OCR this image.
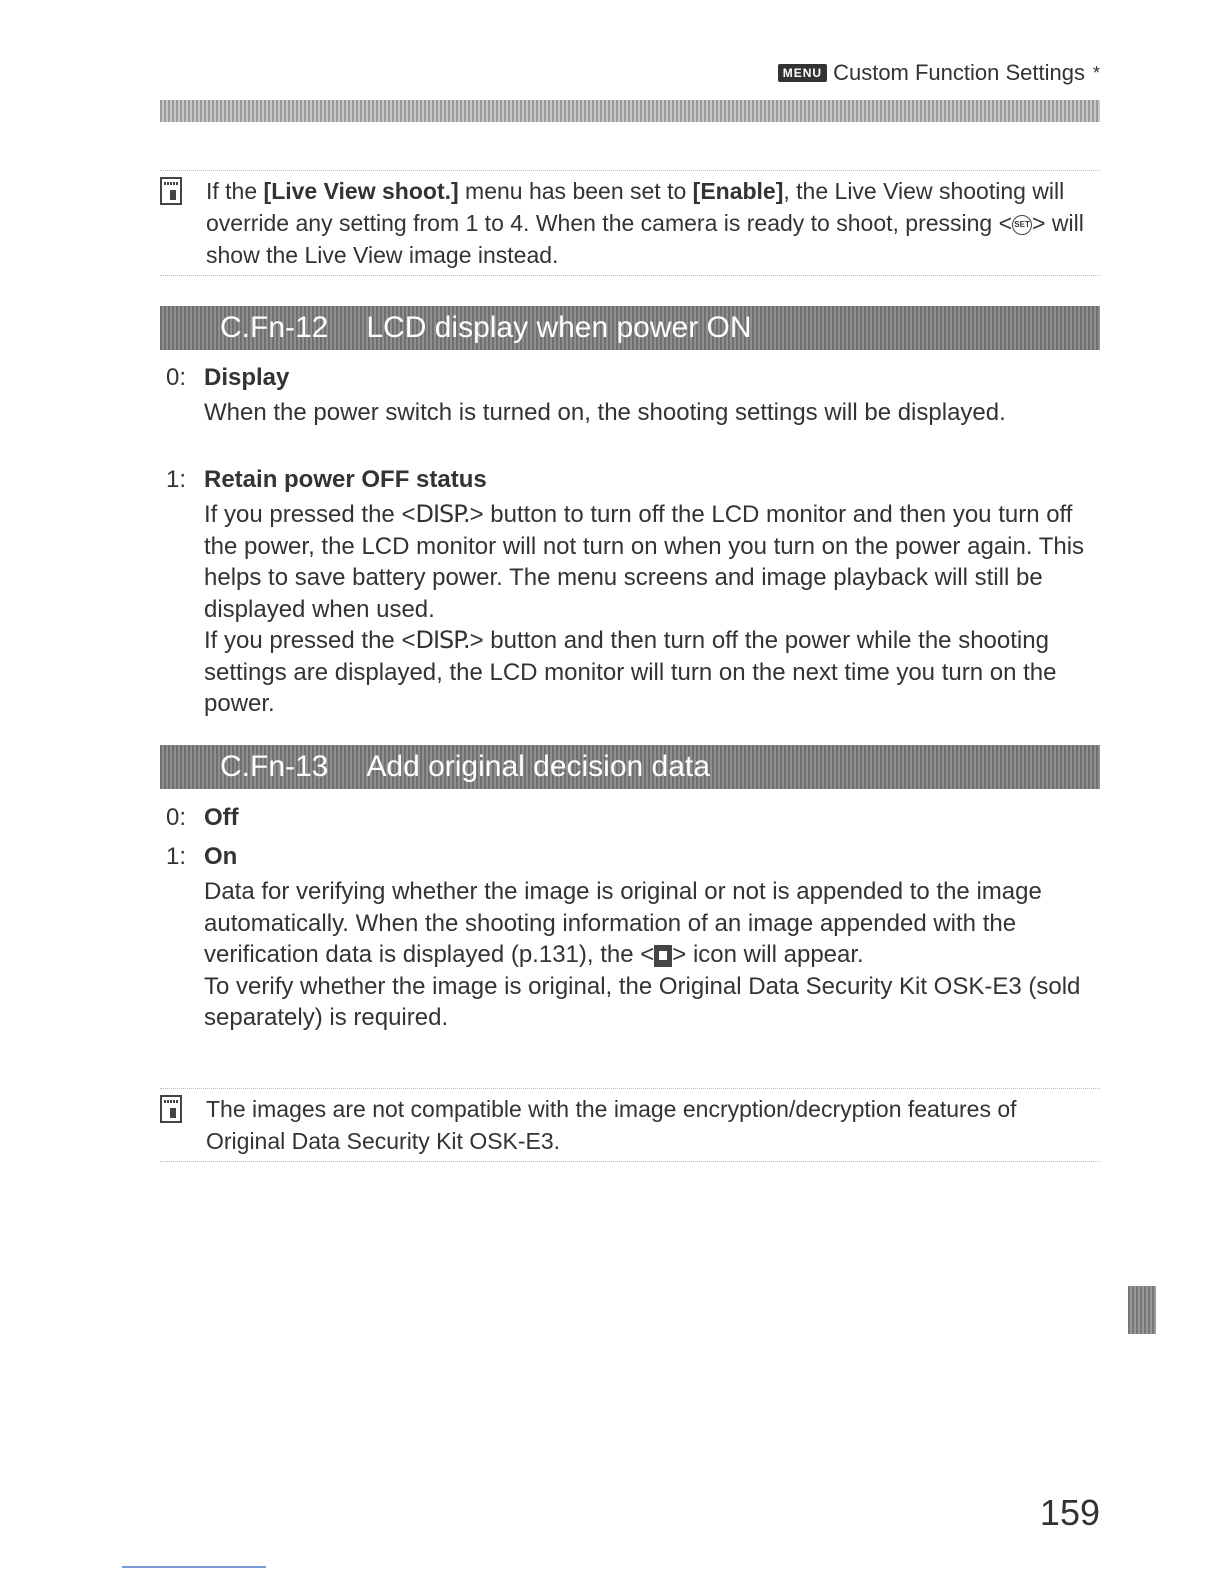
MENU Custom Function Settings *
If the [Live View shoot.] menu has been set to [Enable], the Live View shooting will override any setting from 1 to 4. When the camera is ready to shoot, pressing < SET> will show the Live View image instead.
C.Fn-12 LCD display when power ON
0: Display

When the power switch is turned on, the shooting settings will be displayed.

1: Retain power OFF status

If you pressed the <DISP.> button to turn off the LCD monitor and then you turn off the power, the LCD monitor will not turn on when you turn on the power again. This helps to save battery power. The menu screens and image playback will still be displayed when used.

If you pressed the <DISP.> button and then turn off the power while the shooting settings are displayed, the LCD monitor will turn on the next time you turn on the power.

C.Fn-13 Add original decision data
0: Off
1: On

Data for verifying whether the image is original or not is appended to the image automatically. When the shooting information of an image appended with the verification data is displayed (p.131), the < > icon will appear.

To verify whether the image is original, the Original Data Security Kit OSK-E3 (sold separately) is required.

The images are not compatible with the image encryption/decryption features of Original Data Security Kit OSK-E3.
159
